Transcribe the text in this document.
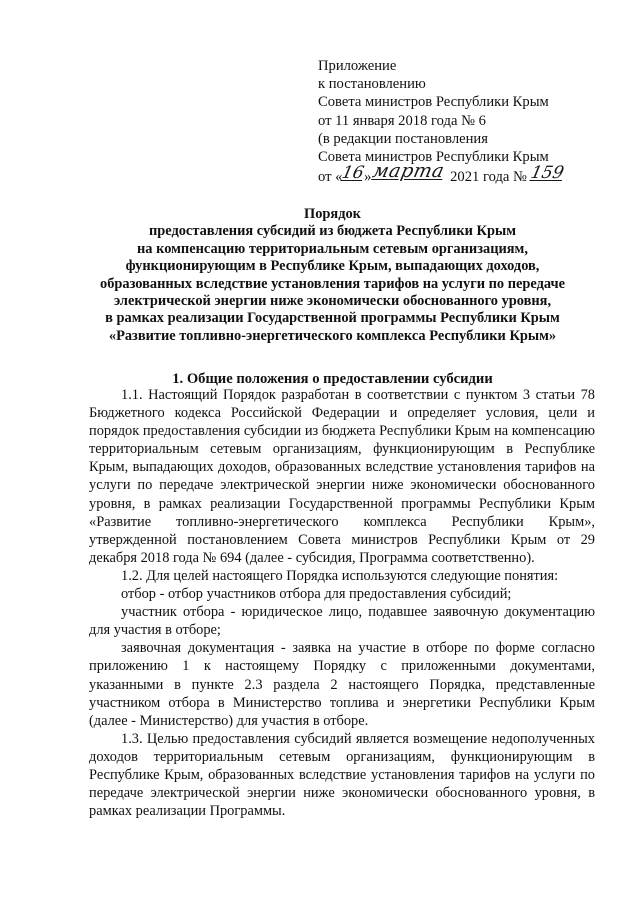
Приложение
к постановлению
Совета министров Республики Крым
от 11 января 2018 года № 6
(в редакции постановления
Совета министров Республики Крым
от «16»марта 2021 года № 159
Порядок
предоставления субсидий из бюджета Республики Крым
на компенсацию территориальным сетевым организациям,
функционирующим в Республике Крым, выпадающих доходов,
образованных вследствие установления тарифов на услуги по передаче
электрической энергии ниже экономически обоснованного уровня,
в рамках реализации Государственной программы Республики Крым
«Развитие топливно-энергетического комплекса Республики Крым»
1. Общие положения о предоставлении субсидии

1.1. Настоящий Порядок разработан в соответствии с пунктом 3 статьи 78 Бюджетного кодекса Российской Федерации и определяет условия, цели и порядок предоставления субсидии из бюджета Республики Крым на компенсацию территориальным сетевым организациям, функционирующим в Республике Крым, выпадающих доходов, образованных вследствие установления тарифов на услуги по передаче электрической энергии ниже экономически обоснованного уровня, в рамках реализации Государственной программы Республики Крым «Развитие топливно-энергетического комплекса Республики Крым», утвержденной постановлением Совета министров Республики Крым от 29 декабря 2018 года № 694 (далее - субсидия, Программа соответственно).

1.2. Для целей настоящего Порядка используются следующие понятия:

отбор - отбор участников отбора для предоставления субсидий;

участник отбора - юридическое лицо, подавшее заявочную документацию для участия в отборе;

заявочная документация - заявка на участие в отборе по форме согласно приложению 1 к настоящему Порядку с приложенными документами, указанными в пункте 2.3 раздела 2 настоящего Порядка, представленные участником отбора в Министерство топлива и энергетики Республики Крым (далее - Министерство) для участия в отборе.

1.3. Целью предоставления субсидий является возмещение недополученных доходов территориальным сетевым организациям, функционирующим в Республике Крым, образованных вследствие установления тарифов на услуги по передаче электрической энергии ниже экономически обоснованного уровня, в рамках реализации Программы.
